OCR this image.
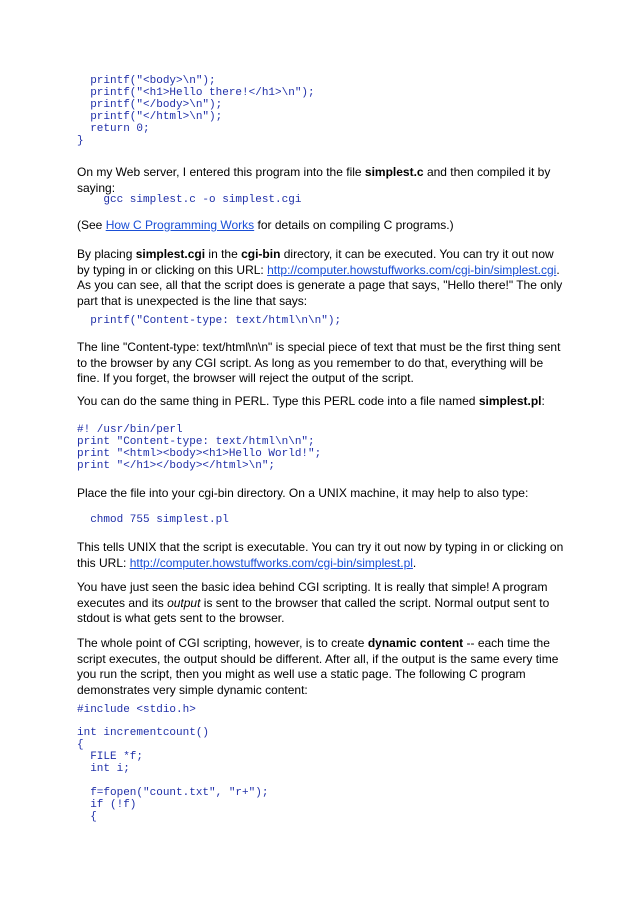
printf("<body>\n");
printf("<h1>Hello there!</h1>\n");
printf("</body>\n");
printf("</html>\n");
return 0;
}

On my Web server, I entered this program into the file simplest.c and then compiled it by saying:

gcc simplest.c -o simplest.cgi

(See How C Programming Works for details on compiling C programs.)

By placing simplest.cgi in the cgi-bin directory, it can be executed. You can try it out now by typing in or clicking on this URL: http://computer.howstuffworks.com/cgi-bin/simplest.cgi. As you can see, all that the script does is generate a page that says, "Hello there!" The only part that is unexpected is the line that says:

printf("Content-type: text/html\n\n");

The line "Content-type: text/html\n\n" is special piece of text that must be the first thing sent to the browser by any CGI script. As long as you remember to do that, everything will be fine. If you forget, the browser will reject the output of the script.

You can do the same thing in PERL. Type this PERL code into a file named simplest.pl:

#! /usr/bin/perl
print "Content-type: text/html\n\n";
print "<html><body><h1>Hello World!";
print "</h1></body></html>\n";

Place the file into your cgi-bin directory. On a UNIX machine, it may help to also type:

chmod 755 simplest.pl

This tells UNIX that the script is executable. You can try it out now by typing in or clicking on this URL: http://computer.howstuffworks.com/cgi-bin/simplest.pl.

You have just seen the basic idea behind CGI scripting. It is really that simple! A program executes and its output is sent to the browser that called the script. Normal output sent to stdout is what gets sent to the browser.

The whole point of CGI scripting, however, is to create dynamic content -- each time the script executes, the output should be different. After all, if the output is the same every time you run the script, then you might as well use a static page. The following C program demonstrates very simple dynamic content:

#include <stdio.h>
int incrementcount()
{
FILE *f;
int i;

f=fopen("count.txt", "r+");
if (!f)
{
